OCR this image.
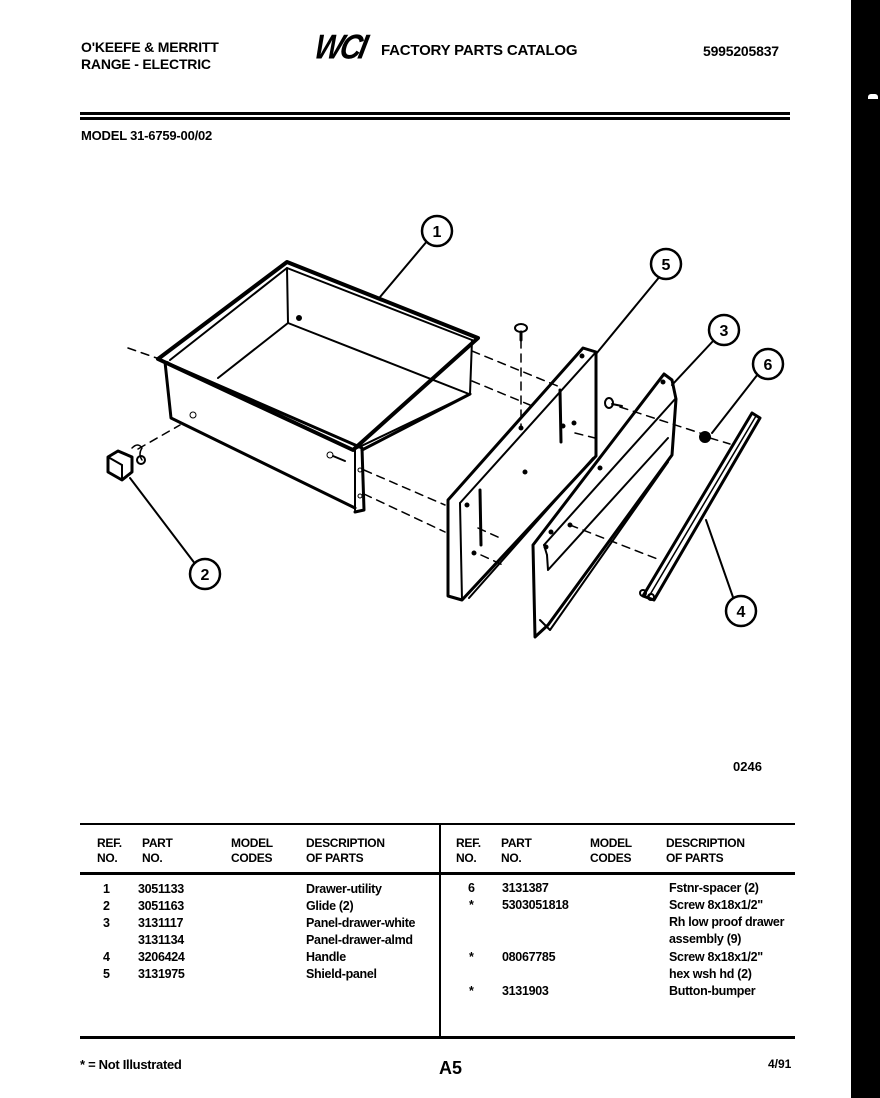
O'KEEFE & MERRITT
RANGE - ELECTRIC	WCI FACTORY PARTS CATALOG	5995205837
MODEL 31-6759-00/02
1
2
3
4
5
6
0246
REF.
NO.
PART
NO.
MODEL
CODES
DESCRIPTION
OF PARTS
REF.
NO.
PART
NO.
MODEL
CODES
DESCRIPTION
OF PARTS
1 3051133	Drawer-utility
2 3051163	Glide (2)
3 3131117	Panel-drawer-white
3131134	Panel-drawer-almd
4 3206424	Handle
5 3131975	Shield-panel
6 3131387	Fstnr-spacer (2)
* 5303051818	Screw 8x18x1/2"
Rh low proof drawer
assembly (9)
* 08067785	Screw 8x18x1/2"
hex wsh hd (2)
* 3131903	Button-bumper
* = Not Illustrated	A5	4/91
